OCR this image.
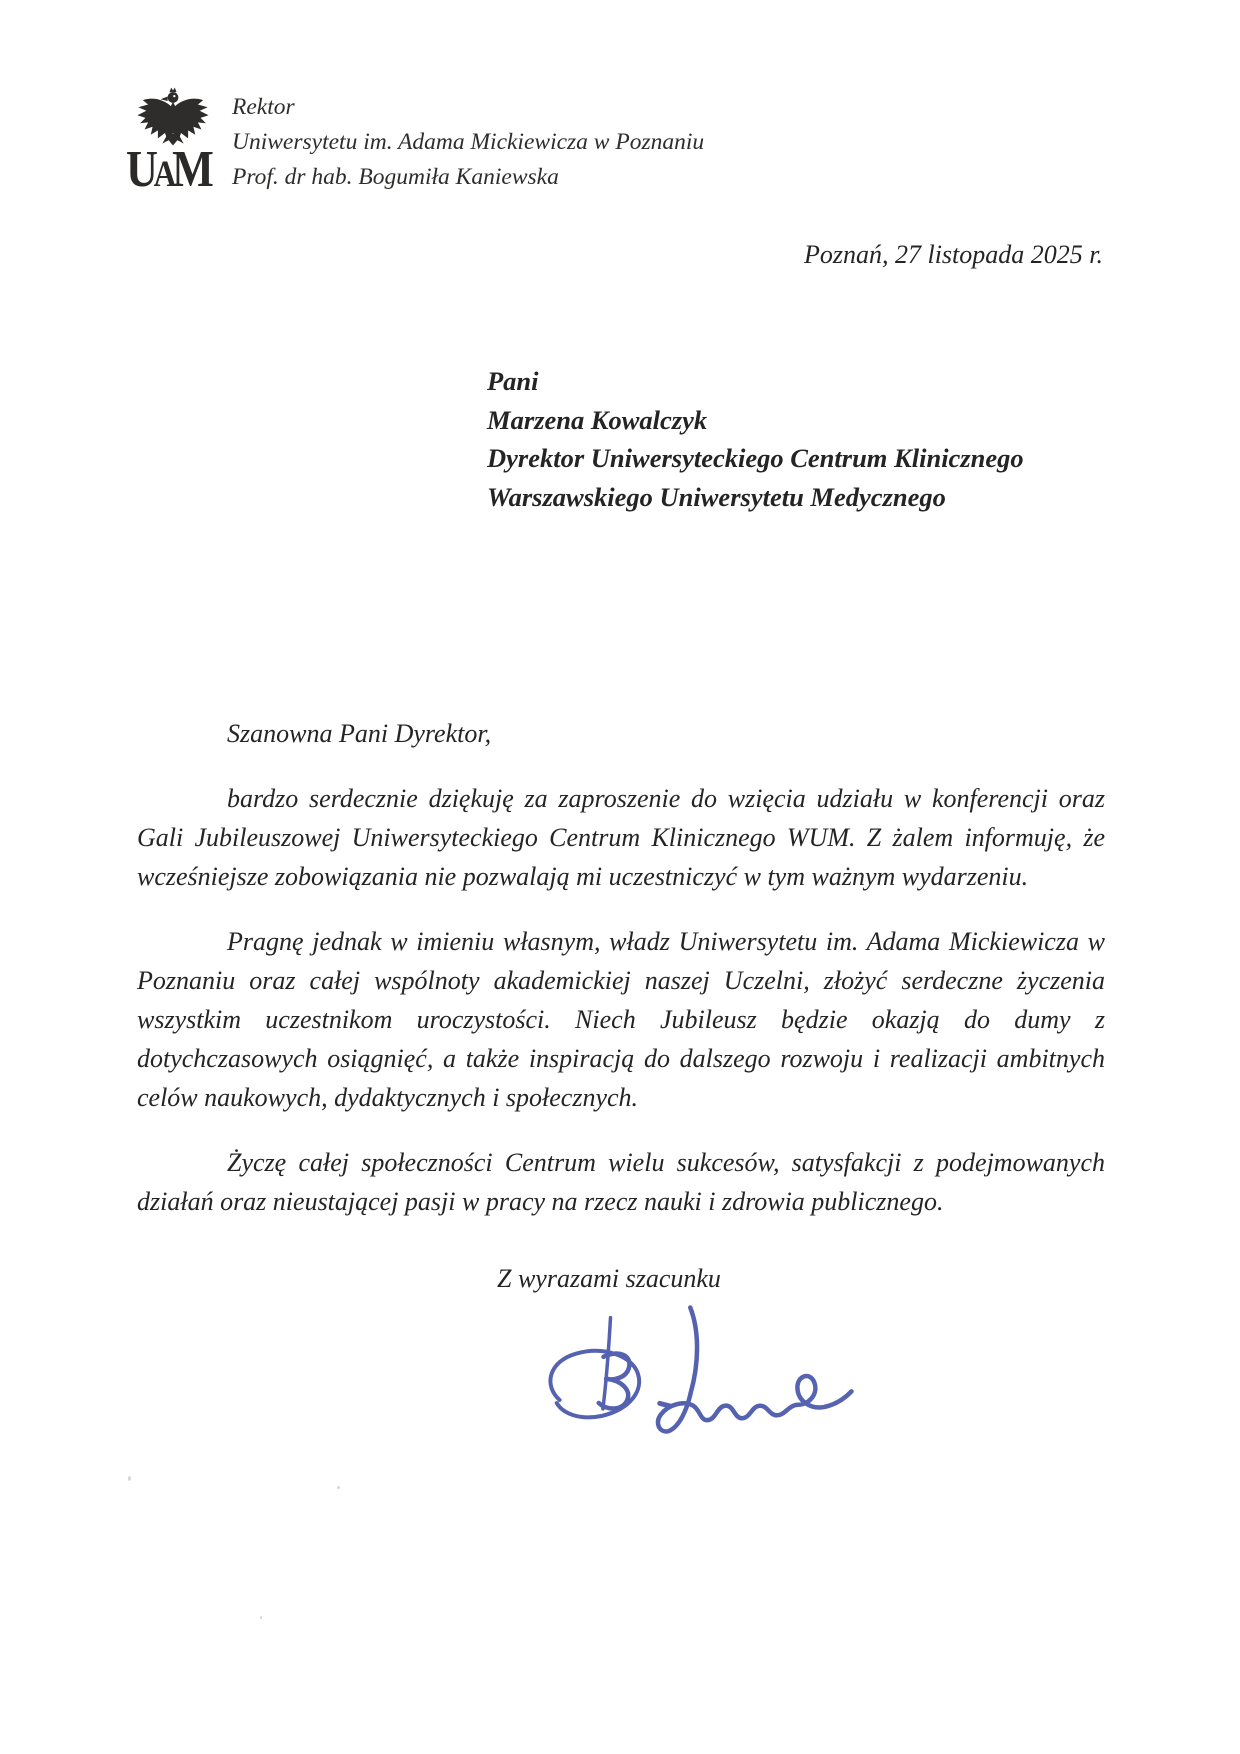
UAM
Rektor
Uniwersytetu im. Adama Mickiewicza w Poznaniu
Prof. dr hab. Bogumiła Kaniewska
Poznań, 27 listopada 2025 r.
Pani
Marzena Kowalczyk
Dyrektor Uniwersyteckiego Centrum Klinicznego
Warszawskiego Uniwersytetu Medycznego

Szanowna Pani Dyrektor,

bardzo serdecznie dziękuję za zaproszenie do wzięcia udziału w konferencji oraz Gali Jubileuszowej Uniwersyteckiego Centrum Klinicznego WUM. Z żalem informuję, że wcześniejsze zobowiązania nie pozwalają mi uczestniczyć w tym ważnym wydarzeniu.

Pragnę jednak w imieniu własnym, władz Uniwersytetu im. Adama Mickiewicza w Poznaniu oraz całej wspólnoty akademickiej naszej Uczelni, złożyć serdeczne życzenia wszystkim uczestnikom uroczystości. Niech Jubileusz będzie okazją do dumy z dotychczasowych osiągnięć, a także inspiracją do dalszego rozwoju i realizacji ambitnych celów naukowych, dydaktycznych i społecznych.

Życzę całej społeczności Centrum wielu sukcesów, satysfakcji z podejmowanych działań oraz nieustającej pasji w pracy na rzecz nauki i zdrowia publicznego.

Z wyrazami szacunku
